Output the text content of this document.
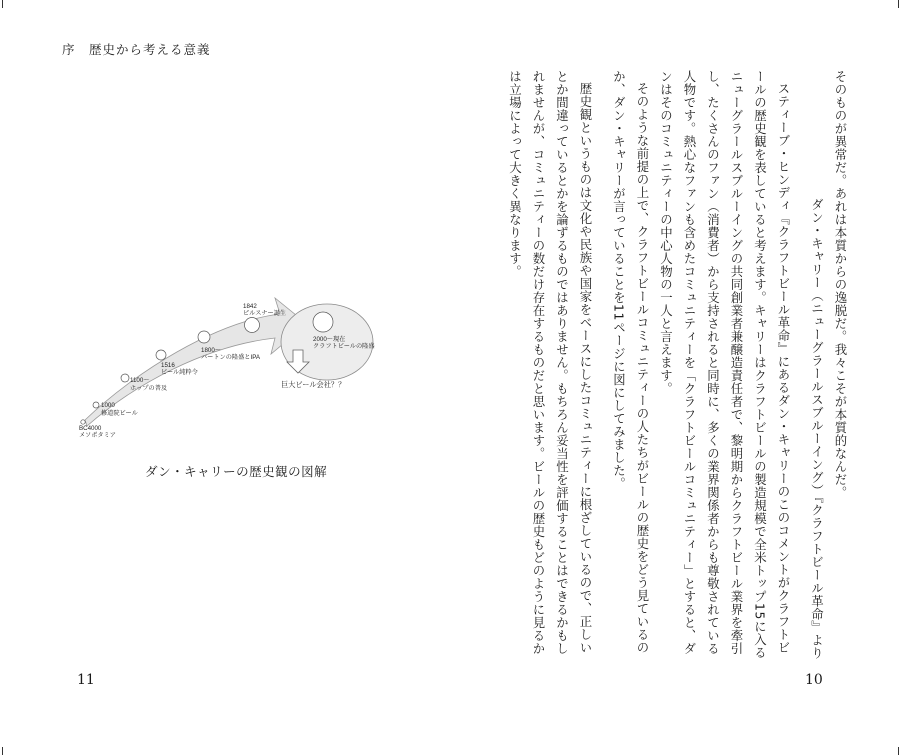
序　歴史から考える意義
BC4000
メソポタミア
1000
修道院ビール
1100〜
ホップの普及
1516
ビール純粋令
1800〜
バートンの隆盛とIPA
1842
ピルスナー誕生
2000〜現在
クラフトビールの隆盛
巨大ビール会社？？
ダン・キャリーの歴史観の図解
11

そのものが異常だ。あれは本質からの逸脱だ。我々こそが本質的なんだ。

ダン・キャリー（ニューグラールスブルーイング）『クラフトビール革命』より

スティーブ・ヒンディ『クラフトビール革命』にあるダン・キャリーのこのコメントがクラフトビールの歴史観を表していると考えます。キャリーはクラフトビールの製造規模で全米トップ15に入るニューグラールスブルーイングの共同創業者兼醸造責任者で、黎明期からクラフトビール業界を牽引し、たくさんのファン（消費者）から支持されると同時に、多くの業界関係者からも尊敬されている人物です。熱心なファンも含めたコミュニティーを「クラフトビールコミュニティー」とすると、ダンはそのコミュニティーの中心人物の一人と言えます。

そのような前提の上で、クラフトビールコミュニティーの人たちがビールの歴史をどう見ているのか、ダン・キャリーが言っていることを11ページに図にしてみました。

歴史観というものは文化や民族や国家をベースにしたコミュニティーに根ざしているので、正しいとか間違っているとかを論ずるものではありません。もちろん妥当性を評価することはできるかもしれませんが、コミュニティーの数だけ存在するものだと思います。ビールの歴史もどのように見るかは立場によって大きく異なります。

10
